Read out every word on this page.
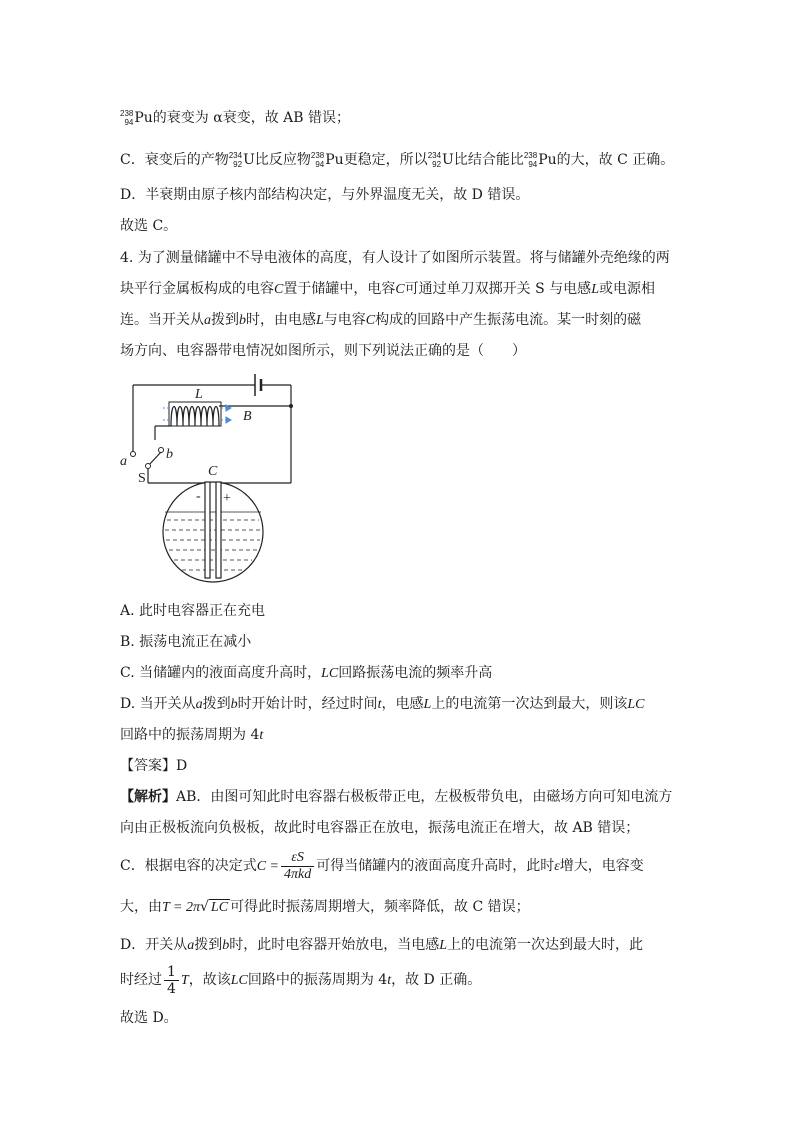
238
94 Pu的衰变为 α衰变，故 AB 错误；
C．衰变后的产物 234
92 U比反应物 238
94 Pu更稳定，所以 234
92 U比结合能比 238
94 Pu的大，故 C 正确。
D．半衰期由原子核内部结构决定，与外界温度无关，故 D 错误。
故选 C。
4. 为了测量储罐中不导电液体的高度，有人设计了如图所示装置。将与储罐外壳绝缘的两
块平行金属板构成的电容C置于储罐中，电容C可通过单刀双掷开关 S 与电感L或电源相
连。当开关从a拨到b时，由电感L与电容C构成的回路中产生振荡电流。某一时刻的磁
场方向、电容器带电情况如图所示，则下列说法正确的是（　　）
L
B
a	b
C
S
- +
A. 此时电容器正在充电
B. 振荡电流正在减小
C. 当储罐内的液面高度升高时，LC回路振荡电流的频率升高
D. 当开关从a拨到b时开始计时，经过时间t，电感L上的电流第一次达到最大，则该LC
回路中的振荡周期为 4t
【答案】D
【解析】AB．由图可知此时电容器右极板带正电，左极板带负电，由磁场方向可知电流方
向由正极板流向负极板，故此时电容器正在放电，振荡电流正在增大，故 AB 错误；
C．根据电容的决定式$C = \frac{\varepsilon S}{\text{4πkd}}$ 可得当储罐内的液面高度升高时，此时ε增大，电容变
大，由T = 2π√ LC 可得此时振荡周期增大，频率降低，故 C 错误；
D．开关从a拨到b时，此时电容器开始放电，当电感L上的电流第一次达到最大时，此
时经过 $\frac{1}{4}$ T，故该LC回路中的振荡周期为 4t，故 D 正确。
故选 D。
